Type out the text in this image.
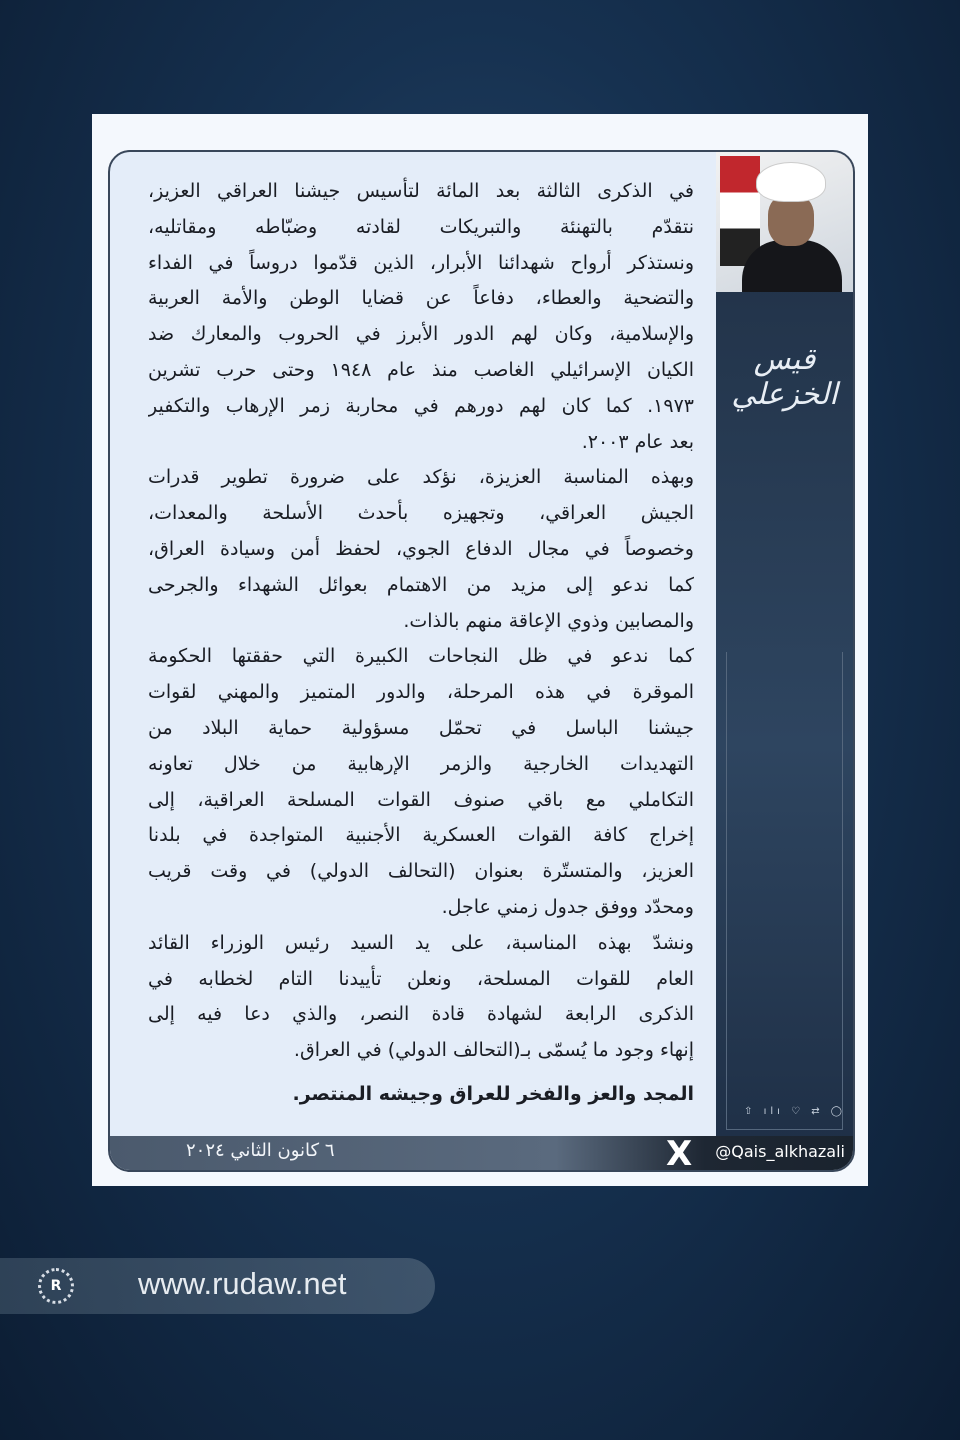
في الذكرى الثالثة بعد المائة لتأسيس جيشنا العراقي العزيز،
نتقدّم بالتهنئة والتبريكات لقادته وضبّاطه ومقاتليه،
ونستذكر أرواح شهدائنا الأبرار، الذين قدّموا دروساً في الفداء
والتضحية والعطاء، دفاعاً عن قضايا الوطن والأمة العربية
والإسلامية، وكان لهم الدور الأبرز في الحروب والمعارك ضد
الكيان الإسرائيلي الغاصب منذ عام ١٩٤٨ وحتى حرب تشرين
١٩٧٣. كما كان لهم دورهم في محاربة زمر الإرهاب والتكفير
بعد عام ٢٠٠٣.
وبهذه المناسبة العزيزة، نؤكد على ضرورة تطوير قدرات
الجيش العراقي، وتجهيزه بأحدث الأسلحة والمعدات،
وخصوصاً في مجال الدفاع الجوي، لحفظ أمن وسيادة العراق،
كما ندعو إلى مزيد من الاهتمام بعوائل الشهداء والجرحى
والمصابين وذوي الإعاقة منهم بالذات.
كما ندعو في ظل النجاحات الكبيرة التي حققتها الحكومة
الموقرة في هذه المرحلة، والدور المتميز والمهني لقوات
جيشنا الباسل في تحمّل مسؤولية حماية البلاد من
التهديدات الخارجية والزمر الإرهابية من خلال تعاونه
التكاملي مع باقي صنوف القوات المسلحة العراقية، إلى
إخراج كافة القوات العسكرية الأجنبية المتواجدة في بلدنا
العزيز، والمتستّرة بعنوان (التحالف الدولي) في وقت قريب
ومحدّد ووفق جدول زمني عاجل.
ونشدّ بهذه المناسبة، على يد السيد رئيس الوزراء القائد
العام للقوات المسلحة، ونعلن تأييدنا التام لخطابه في
الذكرى الرابعة لشهادة قادة النصر، والذي دعا فيه إلى
إنهاء وجود ما يُسمّى بـ(التحالف الدولي) في العراق.
المجد والعز والفخر للعراق وجيشه المنتصر.
قيس الخزعلي
⇧ ılı ♡ ⇄ ◯
٦ كانون الثاني ٢٠٢٤	X @Qais_alkhazali
R	www.rudaw.net
